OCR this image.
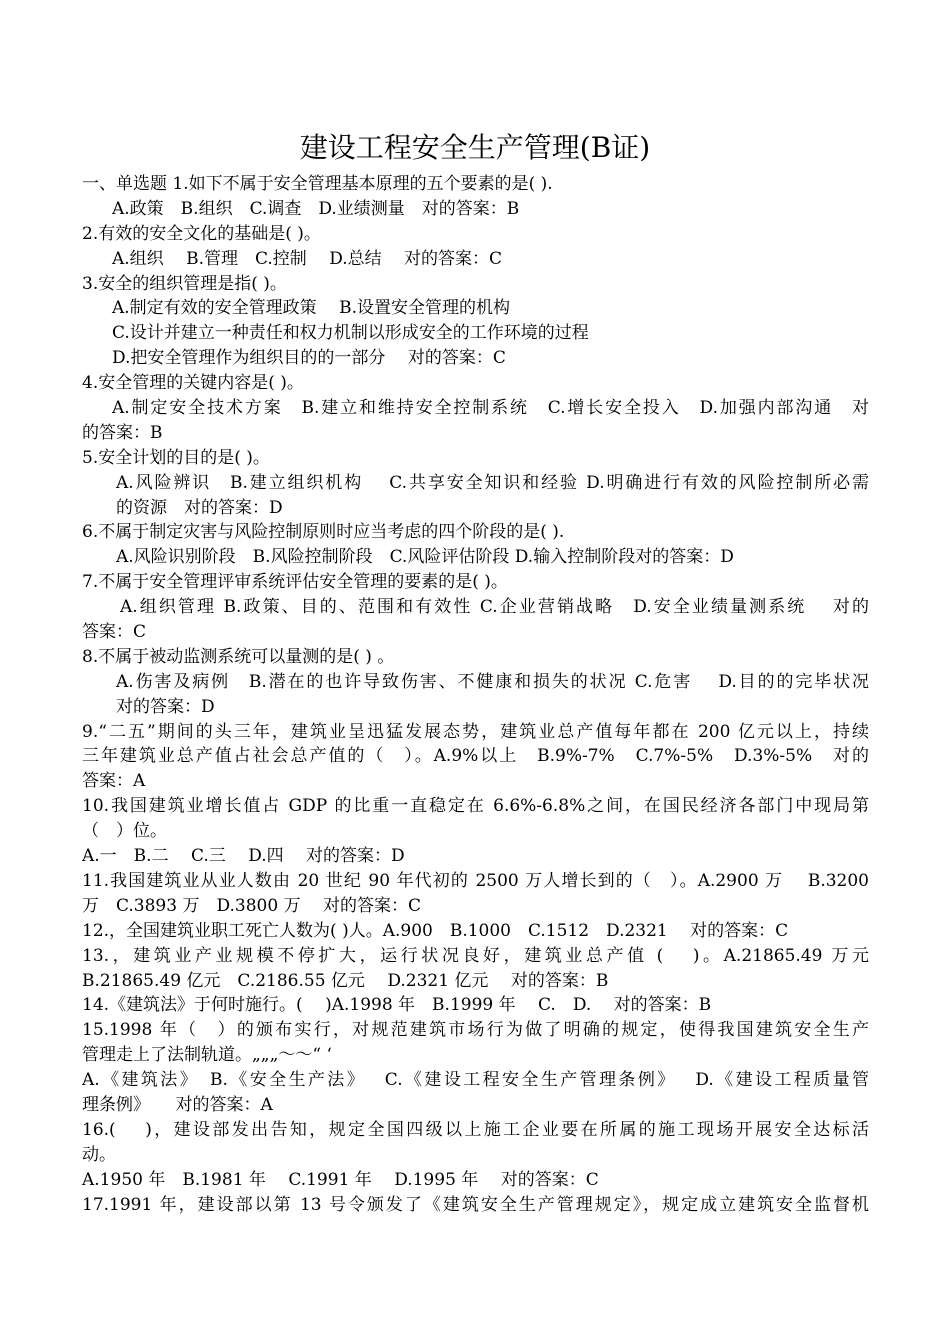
建设工程安全生产管理(B证)
一、单选题 1.如下不属于安全管理基本原理的五个要素的是( ).
A.政策　B.组织　C.调查　D.业绩测量　对的答案：B
2.有效的安全文化的基础是( )。
A.组织　 B.管理　C.控制　 D.总结　 对的答案：C
3.安全的组织管理是指( )。
A.制定有效的安全管理政策　 B.设置安全管理的机构
C.设计并建立一种责任和权力机制以形成安全的工作环境的过程
D.把安全管理作为组织目的的一部分　 对的答案：C
4.安全管理的关键内容是( )。
A.制定安全技术方案　B.建立和维持安全控制系统　C.增长安全投入　D.加强内部沟通　对
的答案：B
5.安全计划的目的是( )。
A.风险辨识　B.建立组织机构　 C.共享安全知识和经验 D.明确进行有效的风险控制所必需
的资源　对的答案：D
6.不属于制定灾害与风险控制原则时应当考虑的四个阶段的是( ).
A.风险识别阶段　B.风险控制阶段　C.风险评估阶段 D.输入控制阶段对的答案：D
7.不属于安全管理评审系统评估安全管理的要素的是( )。
A.组织管理 B.政策、目的、范围和有效性 C.企业营销战略　D.安全业绩量测系统　 对的
答案：C
8.不属于被动监测系统可以量测的是( ) 。
A.伤害及病例　B.潜在的也许导致伤害、不健康和损失的状况 C.危害　 D.目的的完毕状况
对的答案：D
9.“二五”期间的头三年，建筑业呈迅猛发展态势，建筑业总产值每年都在 200 亿元以上，持续
三年建筑业总产值占社会总产值的（　）。A.9%以上　B.9%-7%　C.7%-5%　D.3%-5%　对的
答案：A
10.我国建筑业增长值占 GDP 的比重一直稳定在 6.6%-6.8%之间，在国民经济各部门中现局第
（　）位。
A.一　B.二　 C.三　 D.四　 对的答案：D
11.我国建筑业从业人数由 20 世纪 90 年代初的 2500 万人增长到的（　）。A.2900 万　 B.3200
万　C.3893 万　D.3800 万　 对的答案：C
12.，全国建筑业职工死亡人数为( )人。A.900　B.1000　C.1512　D.2321　 对的答案：C
13.，建筑业产业规模不停扩大，运行状况良好，建筑业总产值 ( 　)。A.21865.49 万元
B.21865.49 亿元　C.2186.55 亿元　 D.2321 亿元　 对的答案：B
14.《建筑法》于何时施行。(　 )A.1998 年　B.1999 年　 C.　D.　 对的答案：B
15.1998 年（　）的颁布实行，对规范建筑市场行为做了明确的规定，使得我国建筑安全生产
管理走上了法制轨道。„„„～～“ ‘
A.《建筑法》　B.《安全生产法》　 C.《建设工程安全生产管理条例》　 D.《建设工程质量管
理条例》　　对的答案：A
16.(　 )，建设部发出告知，规定全国四级以上施工企业要在所属的施工现场开展安全达标活
动。
A.1950 年　B.1981 年　 C.1991 年　 D.1995 年　 对的答案：C
17.1991 年，建设部以第 13 号令颁发了《建筑安全生产管理规定》，规定成立建筑安全监督机
